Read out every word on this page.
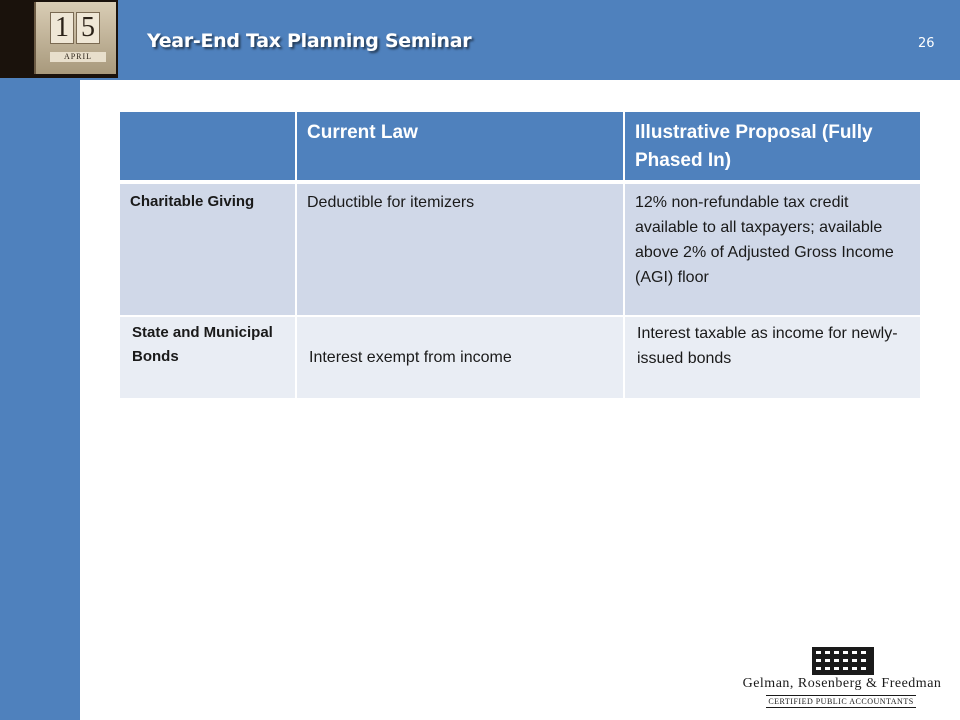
1 5
APRIL
Year-End Tax Planning Seminar	26
	Current Law	Illustrative Proposal (Fully Phased In)
Charitable Giving	Deductible for itemizers	12% non-refundable tax credit available to all taxpayers; available above 2% of Adjusted Gross Income (AGI) floor
State and Municipal Bonds	Interest exempt from income	Interest taxable as income for newly-issued bonds
Gelman, Rosenberg & Freedman
CERTIFIED PUBLIC ACCOUNTANTS
